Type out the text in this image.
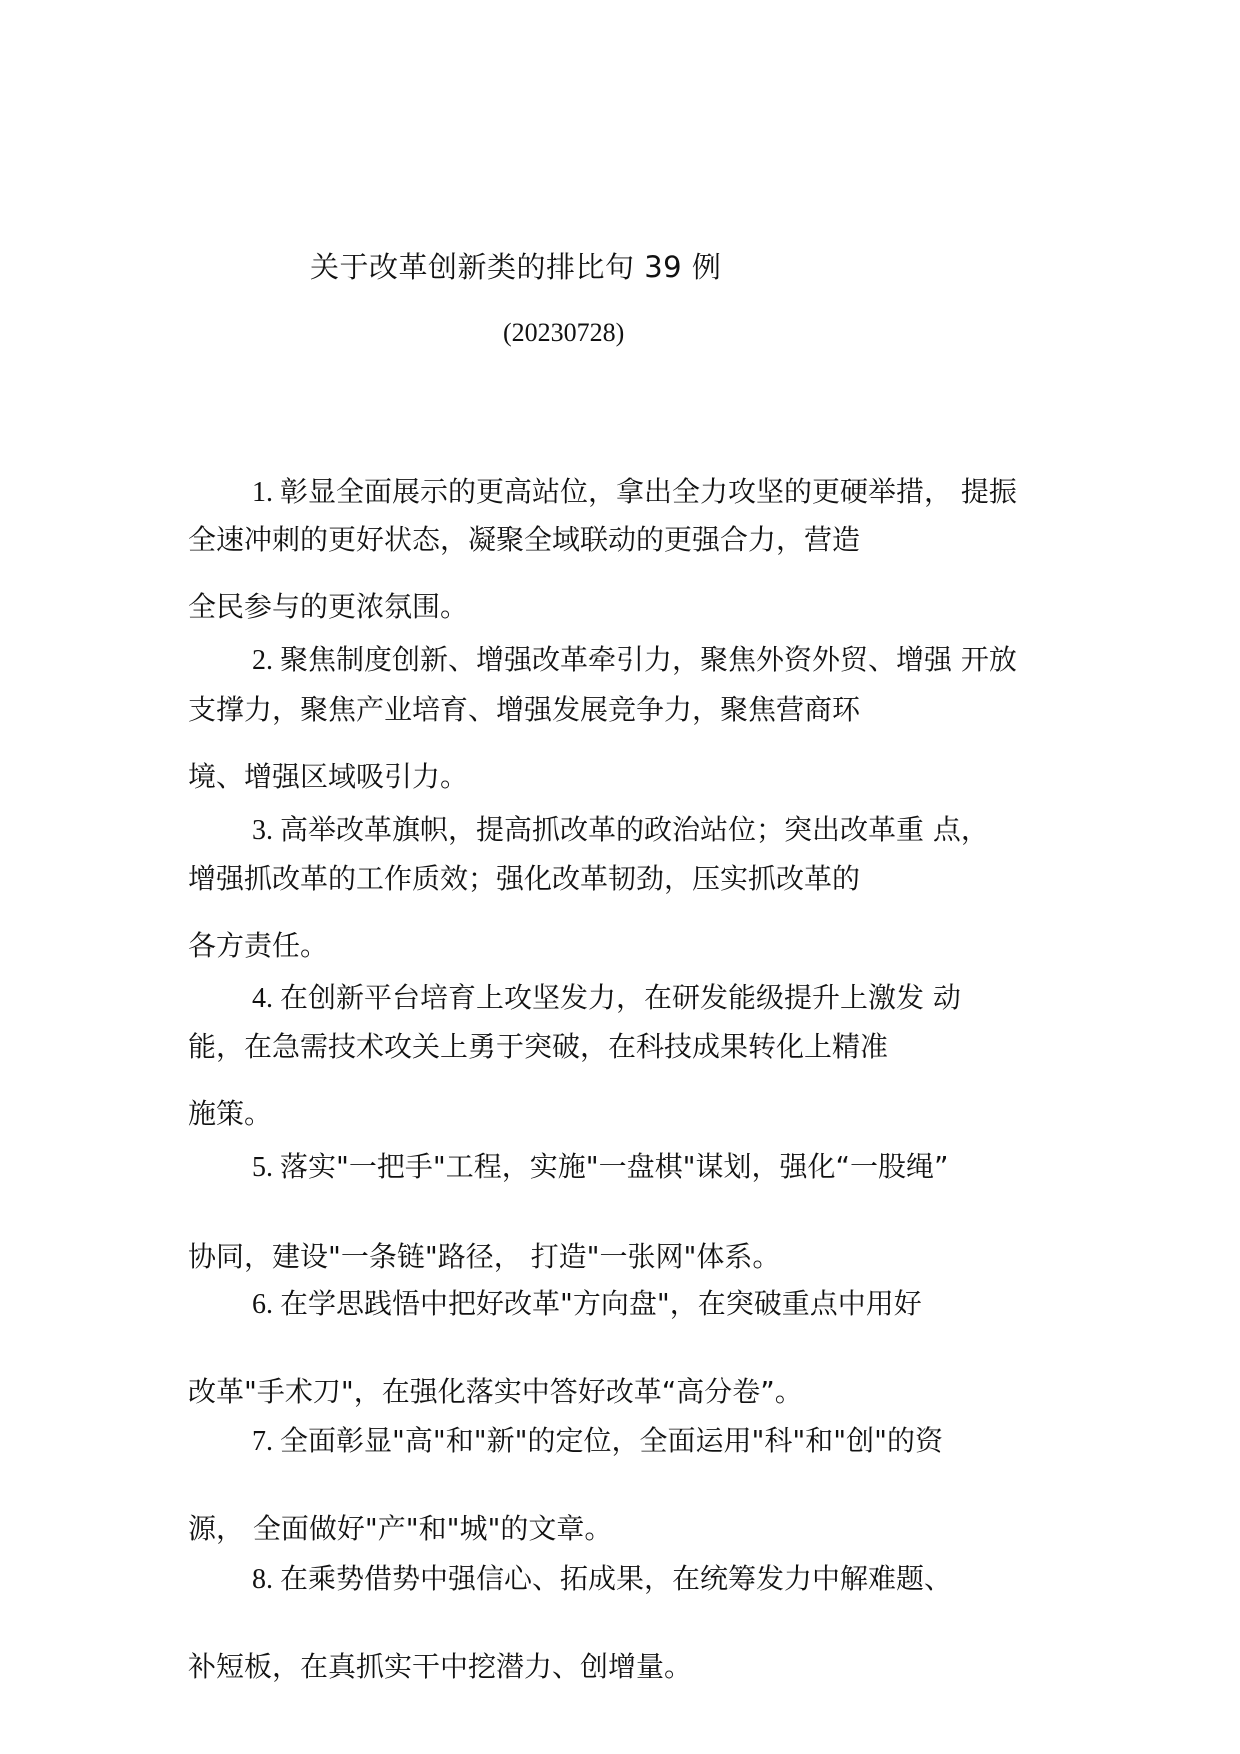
关于改革创新类的排比句 39 例
(20230728)
1. 彰显全面展示的更高站位，拿出全力攻坚的更硬举措， 提振
全速冲刺的更好状态，凝聚全域联动的更强合力，营造
全民参与的更浓氛围。
2. 聚焦制度创新、增强改革牵引力，聚焦外资外贸、增强 开放
支撑力，聚焦产业培育、增强发展竞争力，聚焦营商环
境、增强区域吸引力。
3. 高举改革旗帜，提高抓改革的政治站位；突出改革重 点，
增强抓改革的工作质效；强化改革韧劲，压实抓改革的
各方责任。
4. 在创新平台培育上攻坚发力，在研发能级提升上激发 动
能，在急需技术攻关上勇于突破，在科技成果转化上精准
施策。
5. 落实"一把手"工程，实施"一盘棋"谋划，强化“一股绳”
协同，建设"一条链"路径， 打造"一张网"体系。
6. 在学思践悟中把好改革"方向盘"，在突破重点中用好
改革"手术刀"，在强化落实中答好改革“高分卷”。
7. 全面彰显"高"和"新"的定位，全面运用"科"和"创"的资
源， 全面做好"产"和"城"的文章。
8. 在乘势借势中强信心、拓成果，在统筹发力中解难题、
补短板，在真抓实干中挖潜力、创增量。
